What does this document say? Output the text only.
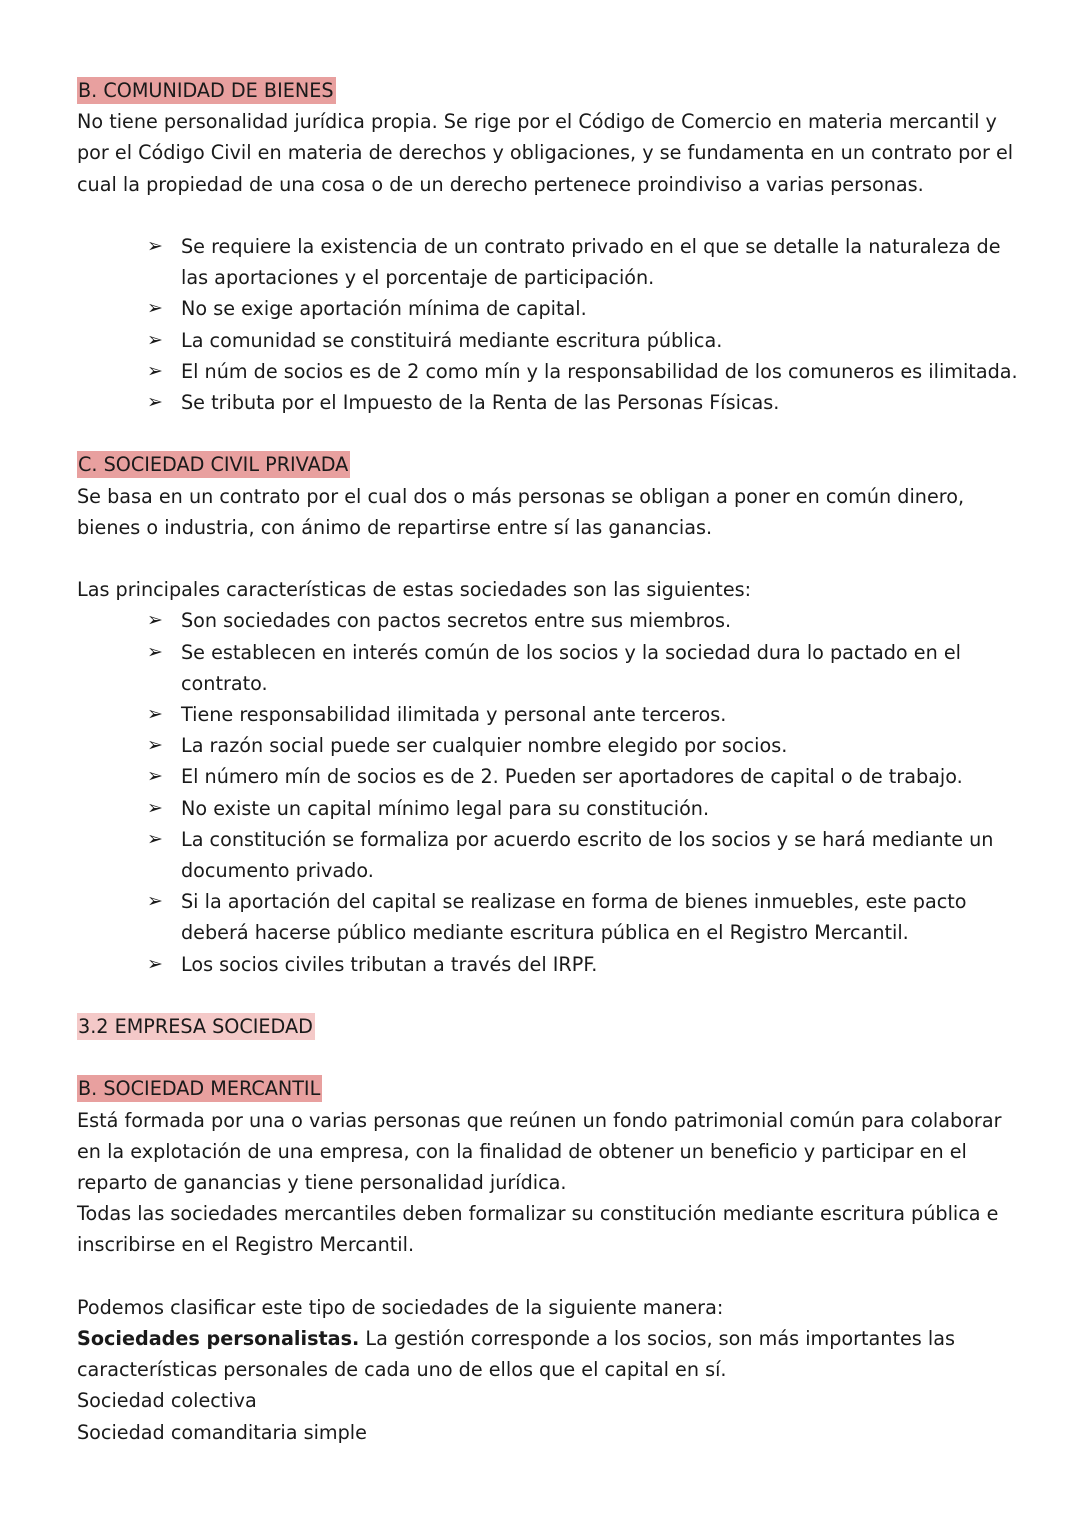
B. COMUNIDAD DE BIENES

No tiene personalidad jurídica propia. Se rige por el Código de Comercio en materia mercantil y

por el Código Civil en materia de derechos y obligaciones, y se fundamenta en un contrato por el

cual la propiedad de una cosa o de un derecho pertenece proindiviso a varias personas.

➢ Se requiere la existencia de un contrato privado en el que se detalle la naturaleza de
las aportaciones y el porcentaje de participación.
➢ No se exige aportación mínima de capital.
➢ La comunidad se constituirá mediante escritura pública.
➢ El núm de socios es de 2 como mín y la responsabilidad de los comuneros es ilimitada.
➢ Se tributa por el Impuesto de la Renta de las Personas Físicas.

C. SOCIEDAD CIVIL PRIVADA

Se basa en un contrato por el cual dos o más personas se obligan a poner en común dinero,

bienes o industria, con ánimo de repartirse entre sí las ganancias.

Las principales características de estas sociedades son las siguientes:

➢ Son sociedades con pactos secretos entre sus miembros.
➢ Se establecen en interés común de los socios y la sociedad dura lo pactado en el
contrato.
➢ Tiene responsabilidad ilimitada y personal ante terceros.
➢ La razón social puede ser cualquier nombre elegido por socios.
➢ El número mín de socios es de 2. Pueden ser aportadores de capital o de trabajo.
➢ No existe un capital mínimo legal para su constitución.
➢ La constitución se formaliza por acuerdo escrito de los socios y se hará mediante un
documento privado.
➢ Si la aportación del capital se realizase en forma de bienes inmuebles, este pacto
deberá hacerse público mediante escritura pública en el Registro Mercantil.
➢ Los socios civiles tributan a través del IRPF.

3.2 EMPRESA SOCIEDAD

B. SOCIEDAD MERCANTIL

Está formada por una o varias personas que reúnen un fondo patrimonial común para colaborar

en la explotación de una empresa, con la finalidad de obtener un beneficio y participar en el

reparto de ganancias y tiene personalidad jurídica.

Todas las sociedades mercantiles deben formalizar su constitución mediante escritura pública e

inscribirse en el Registro Mercantil.

Podemos clasificar este tipo de sociedades de la siguiente manera:

Sociedades personalistas. La gestión corresponde a los socios, son más importantes las

características personales de cada uno de ellos que el capital en sí.

Sociedad colectiva

Sociedad comanditaria simple
